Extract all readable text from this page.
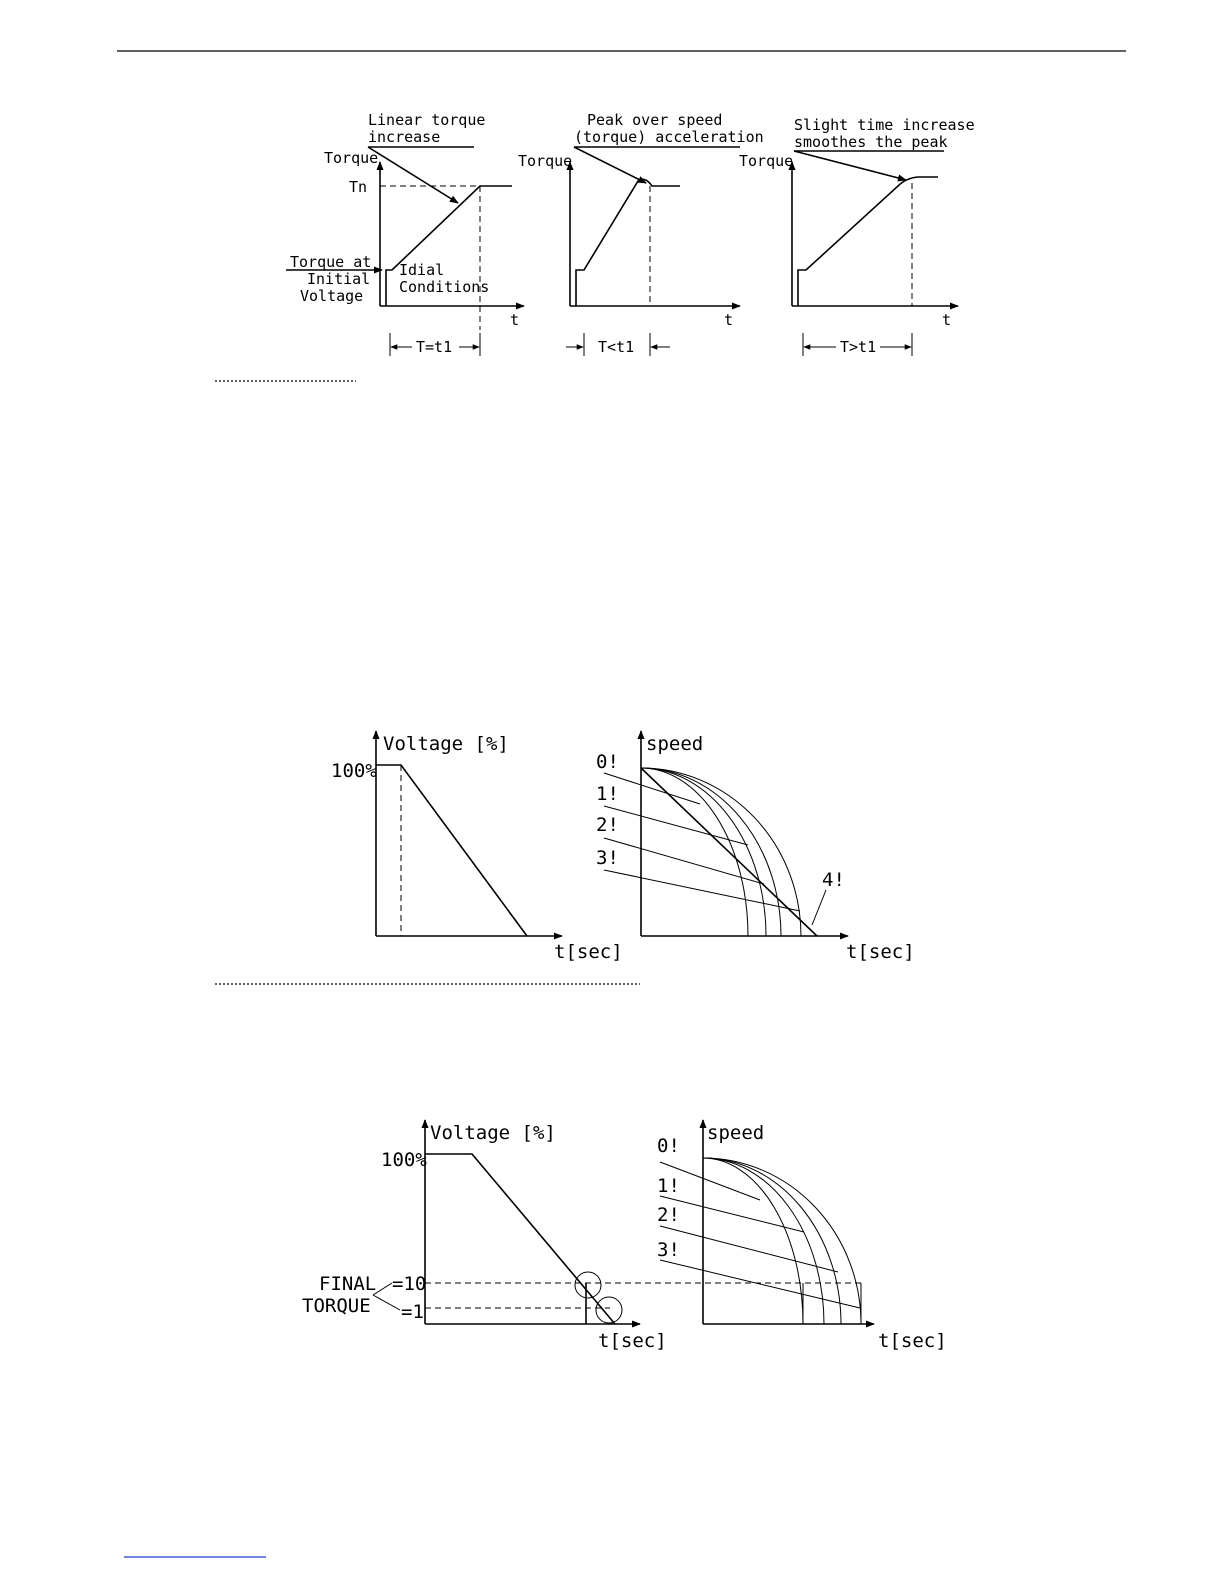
Linear torque
increase
Torque
Tn
t
Torque at
Initial
Voltage
Idial
Conditions
T=t1
Peak over speed
(torque) acceleration
Torque
t
T<t1
Slight time increase
smoothes the peak
Torque
t
T>t1
Voltage [%]
100%
t[sec]
speed
t[sec]
0!
1!
2!
3!
4!
Voltage [%]
100%
t[sec]
FINAL
TORQUE
=10
=1
speed
t[sec]
0!
1!
2!
3!
